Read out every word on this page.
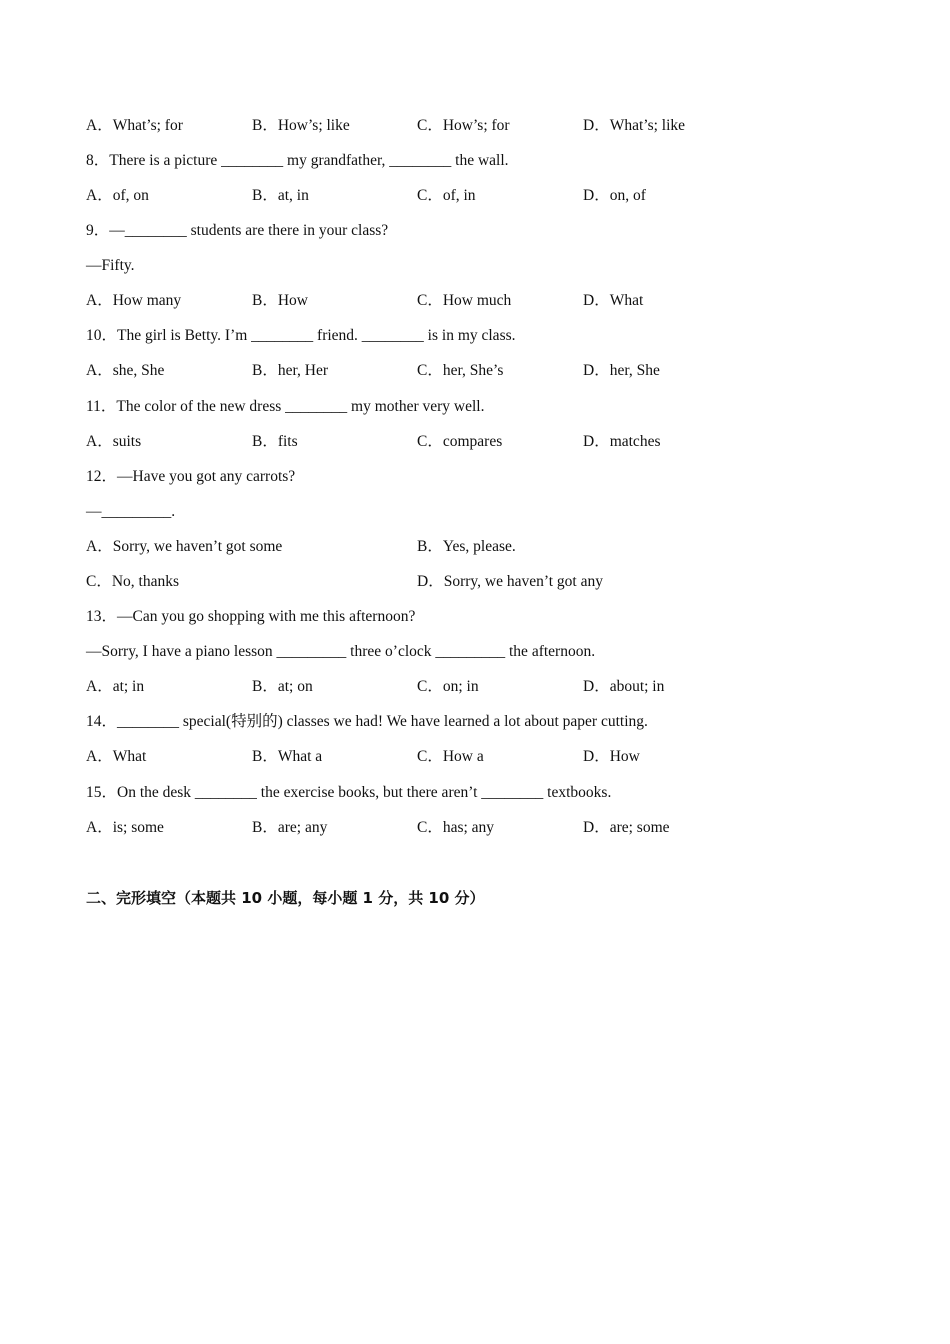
A．What’s; for	B．How’s; like	C．How’s; for	D．What’s; like
8．There is a picture ________ my grandfather, ________ the wall.
A．of, on	B．at, in	C．of, in	D．on, of
9．—________ students are there in your class?
—Fifty.
A．How many	B．How	C．How much	D．What
10．The girl is Betty. I’m ________ friend. ________ is in my class.
A．she, She	B．her, Her	C．her, She’s	D．her, She
11．The color of the new dress ________ my mother very well.
A．suits	B．fits	C．compares	D．matches
12．—Have you got any carrots?
—_________.
A．Sorry, we haven’t got some	B．Yes, please.
C．No, thanks	D．Sorry, we haven’t got any
13．—Can you go shopping with me this afternoon?
—Sorry, I have a piano lesson _________ three o’clock _________ the afternoon.
A．at; in	B．at; on	C．on; in	D．about; in
14．________ special(特别的) classes we had! We have learned a lot about paper cutting.
A．What	B．What a	C．How a	D．How
15．On the desk ________ the exercise books, but there aren’t ________ textbooks.
A．is; some	B．are; any	C．has; any	D．are; some
二、完形填空（本题共 10 小题，每小题 1 分，共 10 分）
